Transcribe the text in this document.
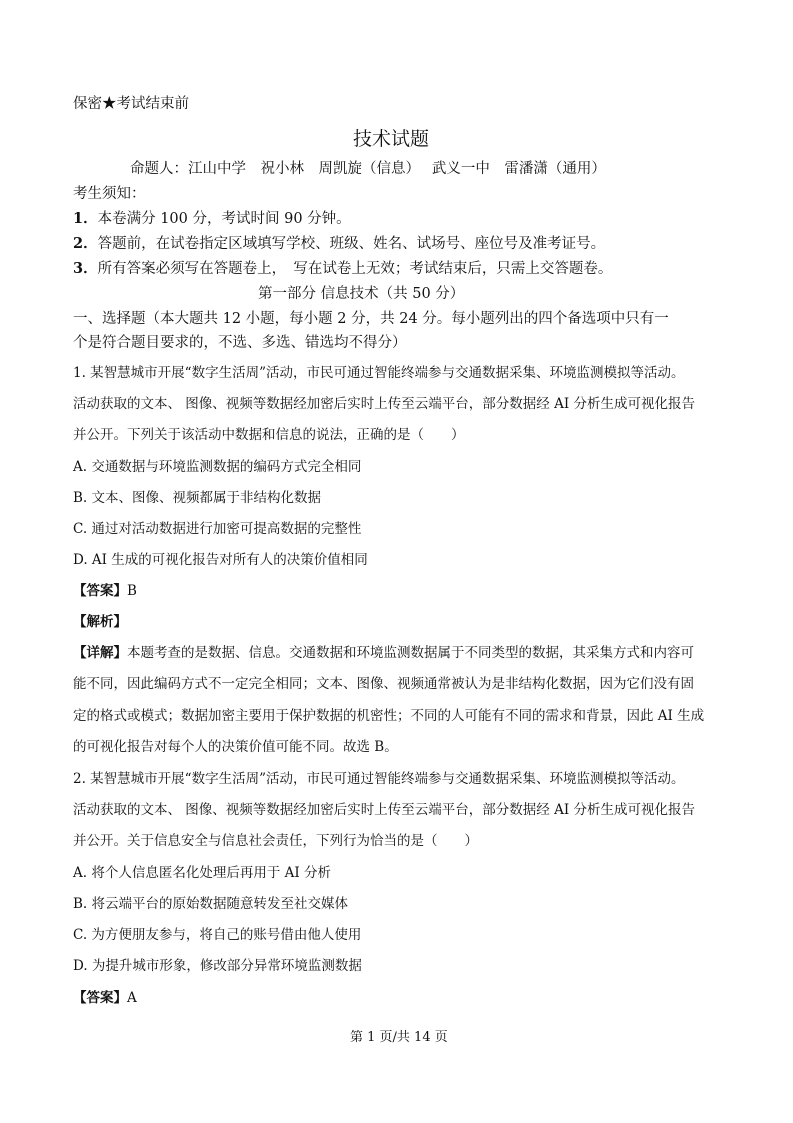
保密★考试结束前
技术试题
命题人：江山中学　祝小林　周凯旋（信息）　 武义一中　雷潘潇（通用）
考生须知：
1．本卷满分 100 分，考试时间 90 分钟。
2．答题前，在试卷指定区域填写学校、班级、姓名、试场号、座位号及准考证号。
3．所有答案必须写在答题卷上，　写在试卷上无效；考试结束后，只需上交答题卷。
第一部分 信息技术（共 50 分）
一、选择题（本大题共 12 小题，每小题 2 分，共 24 分。每小题列出的四个备选项中只有一
个是符合题目要求的，不选、多选、错选均不得分）
1. 某智慧城市开展“数字生活周”活动，市民可通过智能终端参与交通数据采集、环境监测模拟等活动。
活动获取的文本、 图像、视频等数据经加密后实时上传至云端平台，部分数据经 AI 分析生成可视化报告
并公开。下列关于该活动中数据和信息的说法，正确的是（　　）
A. 交通数据与环境监测数据的编码方式完全相同
B. 文本、图像、视频都属于非结构化数据
C. 通过对活动数据进行加密可提高数据的完整性
D. AI 生成的可视化报告对所有人的决策价值相同
【答案】B
【解析】
【详解】本题考查的是数据、信息。交通数据和环境监测数据属于不同类型的数据，其采集方式和内容可
能不同，因此编码方式不一定完全相同；文本、图像、视频通常被认为是非结构化数据，因为它们没有固
定的格式或模式；数据加密主要用于保护数据的机密性；不同的人可能有不同的需求和背景，因此 AI 生成
的可视化报告对每个人的决策价值可能不同。故选 B。
2. 某智慧城市开展“数字生活周”活动，市民可通过智能终端参与交通数据采集、环境监测模拟等活动。
活动获取的文本、 图像、视频等数据经加密后实时上传至云端平台，部分数据经 AI 分析生成可视化报告
并公开。关于信息安全与信息社会责任，下列行为恰当的是（　　）
A. 将个人信息匿名化处理后再用于 AI 分析
B. 将云端平台的原始数据随意转发至社交媒体
C. 为方便朋友参与，将自己的账号借由他人使用
D. 为提升城市形象，修改部分异常环境监测数据
【答案】A
第 1 页/共 14 页
